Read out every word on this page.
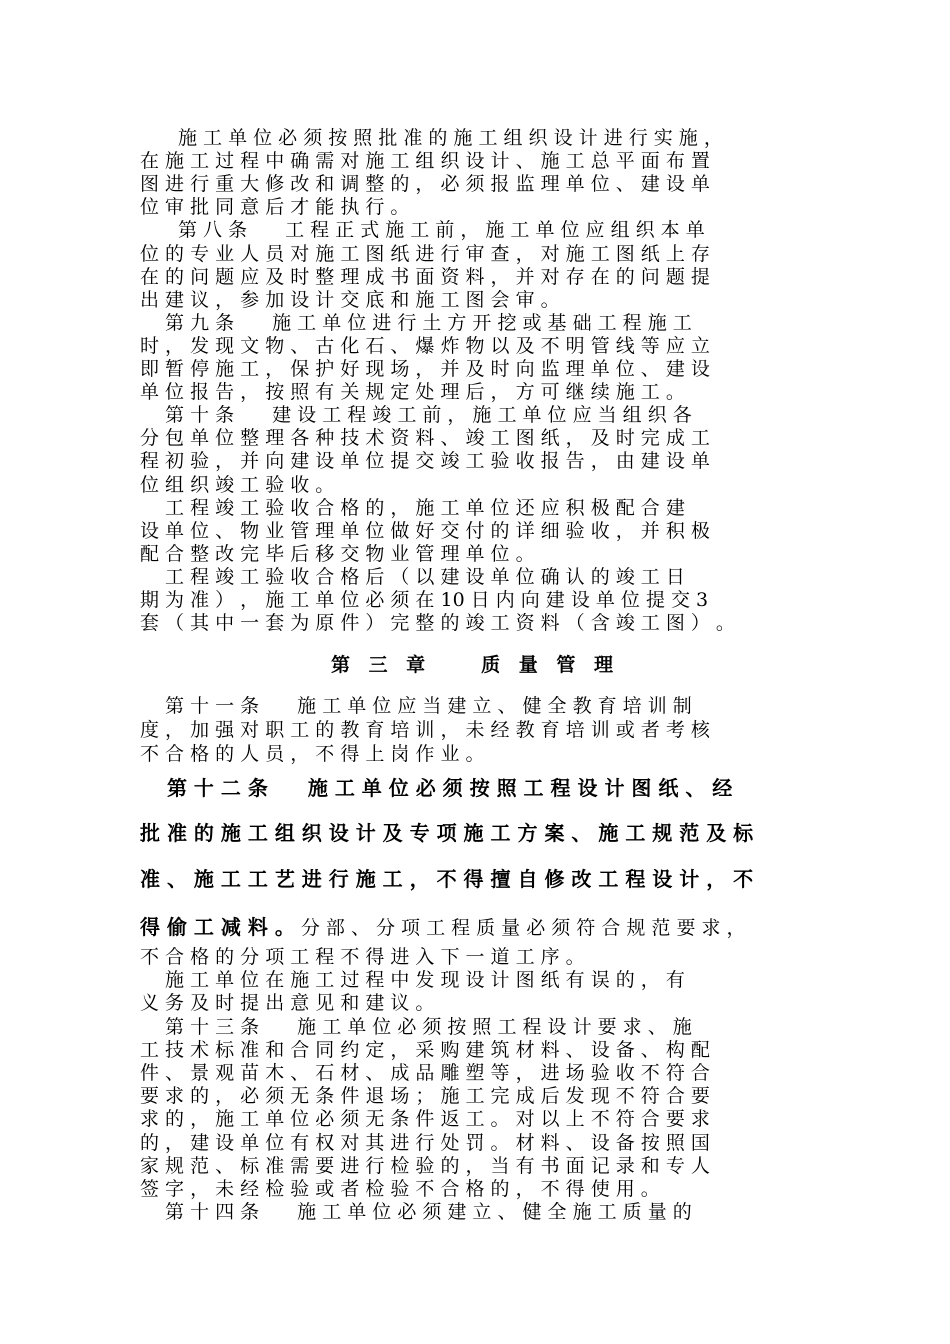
　　施 工 单 位 必 须 按 照 批 准 的 施 工 组 织 设 计 进 行 实 施 ，
在 施 工 过 程 中 确 需 对 施 工 组 织 设 计 、 施 工 总 平 面 布 置
图 进 行 重 大 修 改 和 调 整 的 ， 必 须 报 监 理 单 位 、 建 设 单
位 审 批 同 意 后 才 能 执 行 。
　　第 八 条　　工 程 正 式 施 工 前 ， 施 工 单 位 应 组 织 本 单
位 的 专 业 人 员 对 施 工 图 纸 进 行 审 查 ， 对 施 工 图 纸 上 存
在 的 问 题 应 及 时 整 理 成 书 面 资 料 ， 并 对 存 在 的 问 题 提
出 建 议 ， 参 加 设 计 交 底 和 施 工 图 会 审 。
　 第 九 条　　施 工 单 位 进 行 土 方 开 挖 或 基 础 工 程 施 工
时 ， 发 现 文 物 、 古 化 石 、 爆 炸 物 以 及 不 明 管 线 等 应 立
即 暂 停 施 工 ， 保 护 好 现 场 ， 并 及 时 向 监 理 单 位 、 建 设
单 位 报 告 ， 按 照 有 关 规 定 处 理 后 ， 方 可 继 续 施 工 。
　 第 十 条　　建 设 工 程 竣 工 前 ， 施 工 单 位 应 当 组 织 各
分 包 单 位 整 理 各 种 技 术 资 料 、 竣 工 图 纸 ， 及 时 完 成 工
程 初 验 ， 并 向 建 设 单 位 提 交 竣 工 验 收 报 告 ， 由 建 设 单
位 组 织 竣 工 验 收 。
　 工 程 竣 工 验 收 合 格 的 ， 施 工 单 位 还 应 积 极 配 合 建
设 单 位 、 物 业 管 理 单 位 做 好 交 付 的 详 细 验 收 ， 并 积 极
配 合 整 改 完 毕 后 移 交 物 业 管 理 单 位 。
　 工 程 竣 工 验 收 合 格 后 （ 以 建 设 单 位 确 认 的 竣 工 日
期 为 准 ） ， 施 工 单 位 必 须 在 10 日 内 向 建 设 单 位 提 交 3
套 （ 其 中 一 套 为 原 件 ） 完 整 的 竣 工 资 料 （ 含 竣 工 图 ） 。
第 三 章　　质 量 管 理
　 第 十 一 条　　施 工 单 位 应 当 建 立 、 健 全 教 育 培 训 制
度 ， 加 强 对 职 工 的 教 育 培 训 ， 未 经 教 育 培 训 或 者 考 核
不 合 格 的 人 员 ， 不 得 上 岗 作 业 。
　 第 十 二 条　　施 工 单 位 必 须 按 照 工 程 设 计 图 纸 、 经
批 准 的 施 工 组 织 设 计 及 专 项 施 工 方 案 、 施 工 规 范 及 标
准 、 施 工 工 艺 进 行 施 工 ， 不 得 擅 自 修 改 工 程 设 计 ， 不
得 偷 工 减 料 。 分 部 、 分 项 工 程 质 量 必 须 符 合 规 范 要 求 ，
不 合 格 的 分 项 工 程 不 得 进 入 下 一 道 工 序 。
　 施 工 单 位 在 施 工 过 程 中 发 现 设 计 图 纸 有 误 的 ， 有
义 务 及 时 提 出 意 见 和 建 议 。
　 第 十 三 条　　施 工 单 位 必 须 按 照 工 程 设 计 要 求 、 施
工 技 术 标 准 和 合 同 约 定 ， 采 购 建 筑 材 料 、 设 备 、 构 配
件 、 景 观 苗 木 、 石 材 、 成 品 雕 塑 等 ， 进 场 验 收 不 符 合
要 求 的 ， 必 须 无 条 件 退 场 ； 施 工 完 成 后 发 现 不 符 合 要
求 的 ， 施 工 单 位 必 须 无 条 件 返 工 。 对 以 上 不 符 合 要 求
的 ， 建 设 单 位 有 权 对 其 进 行 处 罚 。 材 料 、 设 备 按 照 国
家 规 范 、 标 准 需 要 进 行 检 验 的 ， 当 有 书 面 记 录 和 专 人
签 字 ， 未 经 检 验 或 者 检 验 不 合 格 的 ， 不 得 使 用 。
　 第 十 四 条　　施 工 单 位 必 须 建 立 、 健 全 施 工 质 量 的
